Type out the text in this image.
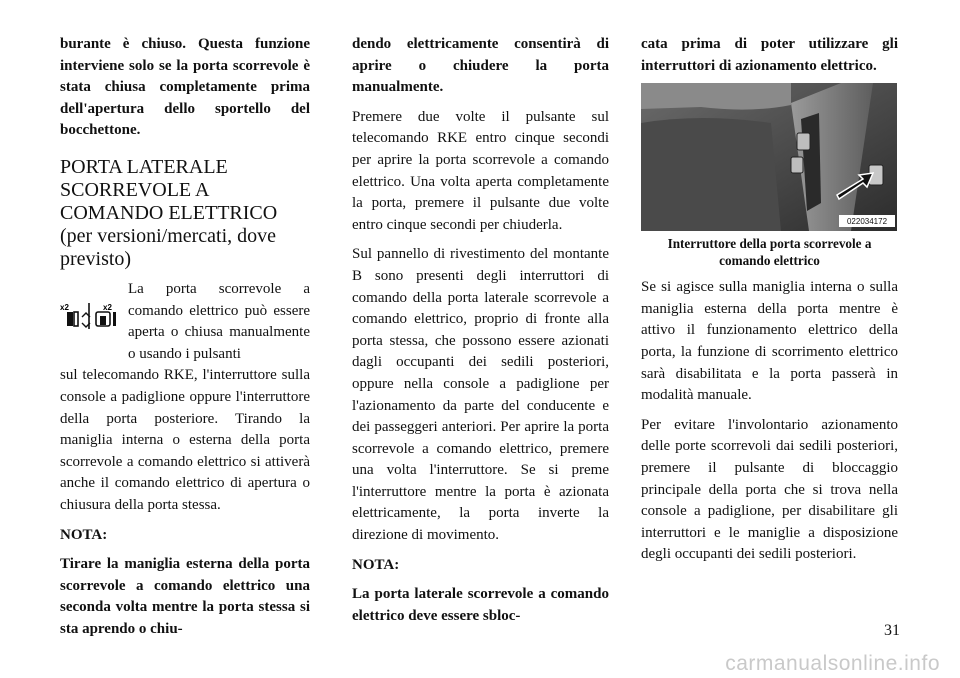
burante è chiuso. Questa funzione interviene solo se la porta scorrevole è stata chiusa completamente prima dell'apertura dello sportello del bocchettone.

PORTA LATERALE SCORREVOLE A COMANDO ELETTRICO (per versioni/mercati, dove previsto)
x2	x2

La porta scorrevole a comando elettrico può essere aperta o chiusa manualmente o usando i pulsanti

sul telecomando RKE, l'interruttore sulla console a padiglione oppure l'interruttore della porta posteriore. Tirando la maniglia interna o esterna della porta scorrevole a comando elettrico si attiverà anche il comando elettrico di apertura o chiusura della porta stessa.

NOTA:

Tirare la maniglia esterna della porta scorrevole a comando elettrico una seconda volta mentre la porta stessa si sta aprendo o chiu-

dendo elettricamente consentirà di aprire o chiudere la porta manualmente.

Premere due volte il pulsante sul telecomando RKE entro cinque secondi per aprire la porta scorrevole a comando elettrico. Una volta aperta completamente la porta, premere il pulsante due volte entro cinque secondi per chiuderla.

Sul pannello di rivestimento del montante B sono presenti degli interruttori di comando della porta laterale scorrevole a comando elettrico, proprio di fronte alla porta stessa, che possono essere azionati dagli occupanti dei sedili posteriori, oppure nella console a padiglione per l'azionamento da parte del conducente e dei passeggeri anteriori. Per aprire la porta scorrevole a comando elettrico, premere una volta l'interruttore. Se si preme l'interruttore mentre la porta è azionata elettricamente, la porta inverte la direzione di movimento.

NOTA:

La porta laterale scorrevole a comando elettrico deve essere sbloc-

cata prima di poter utilizzare gli interruttori di azionamento elettrico.

022034172
Interruttore della porta scorrevole a comando elettrico

Se si agisce sulla maniglia interna o sulla maniglia esterna della porta mentre è attivo il funzionamento elettrico della porta, la funzione di scorrimento elettrico sarà disabilitata e la porta passerà in modalità manuale.

Per evitare l'involontario azionamento delle porte scorrevoli dai sedili posteriori, premere il pulsante di bloccaggio principale della porta che si trova nella console a padiglione, per disabilitare gli interruttori e le maniglie a disposizione degli occupanti dei sedili posteriori.

31
carmanualsonline.info
